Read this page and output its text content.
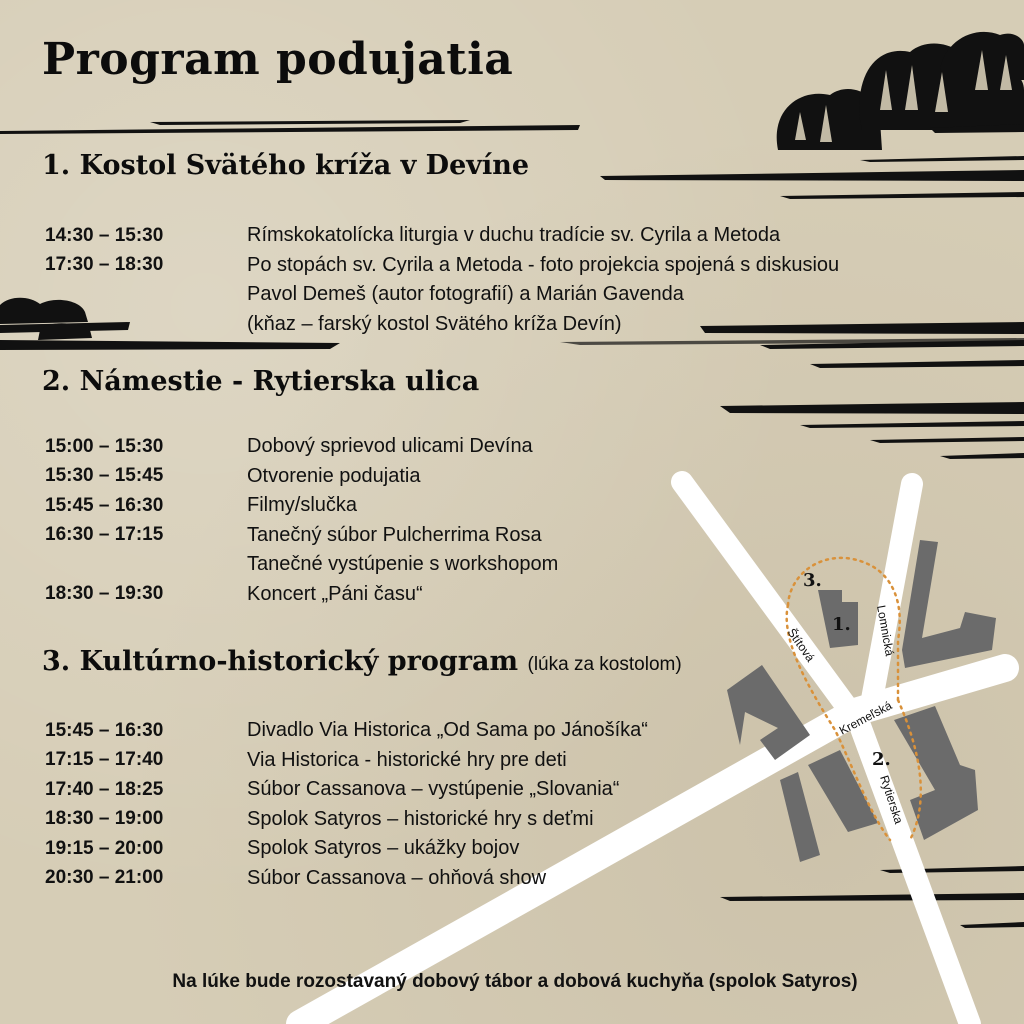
Štítová	Lomnická
Kremeľská
Rytierska
3.
1.
2.
Program podujatia
1. Kostol Svätého kríža v Devíne
14:30 – 15:30	Rímskokatolícka liturgia v duchu tradície sv. Cyrila a Metoda
17:30 – 18:30	Po stopách sv. Cyrila a Metoda - foto projekcia spojená s diskusiou
Pavol Demeš (autor fotografií) a Marián Gavenda
(kňaz – farský kostol Svätého kríža Devín)
2. Námestie - Rytierska ulica
15:00 – 15:30	Dobový sprievod ulicami Devína
15:30 – 15:45	Otvorenie podujatia
15:45 – 16:30	Filmy/slučka
16:30 – 17:15	Tanečný súbor Pulcherrima Rosa
Tanečné vystúpenie s workshopom
18:30 – 19:30	Koncert „Páni času“
3. Kultúrno-historický program (lúka za kostolom)
15:45 – 16:30	Divadlo Via Historica „Od Sama po Jánošíka“
17:15 – 17:40	Via Historica - historické hry pre deti
17:40 – 18:25	Súbor Cassanova – vystúpenie „Slovania“
18:30 – 19:00	Spolok Satyros – historické hry s deťmi
19:15 – 20:00	Spolok Satyros – ukážky bojov
20:30 – 21:00	Súbor Cassanova – ohňová show
Na lúke bude rozostavaný dobový tábor a dobová kuchyňa (spolok Satyros)
